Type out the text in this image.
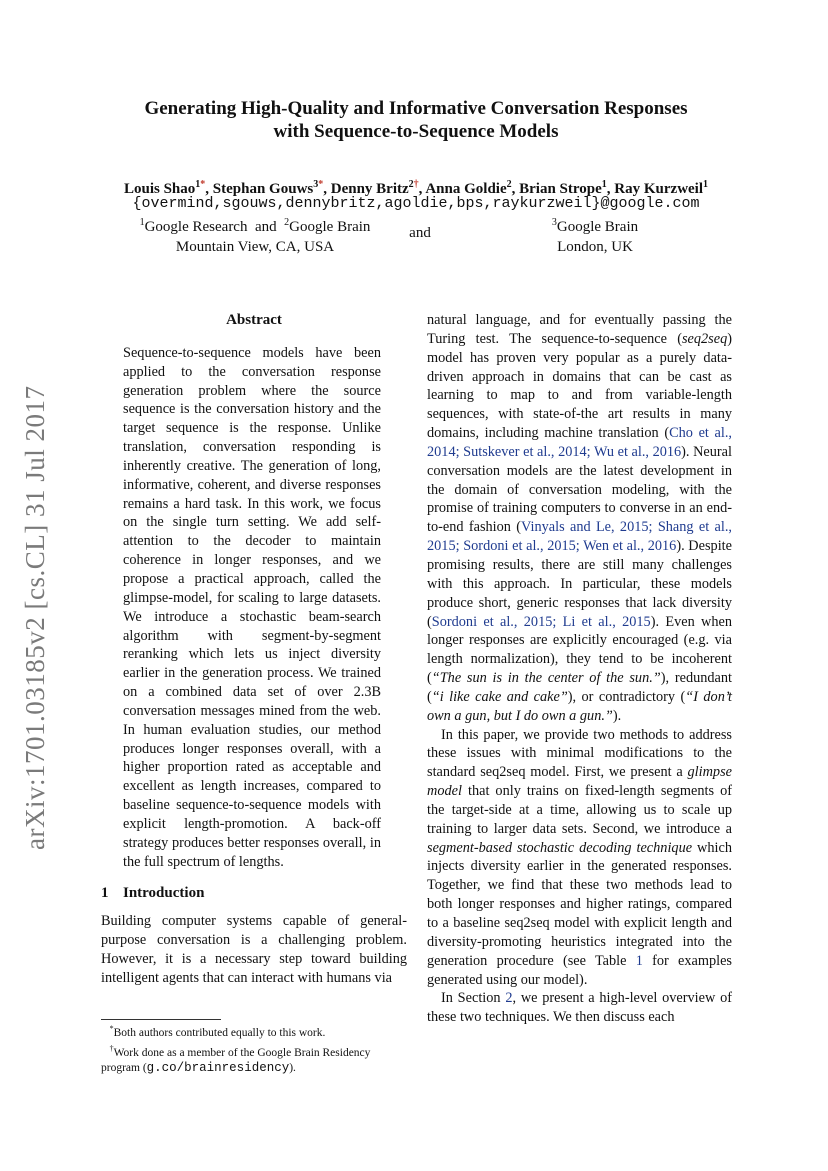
arXiv:1701.03185v2 [cs.CL] 31 Jul 2017
Generating High-Quality and Informative Conversation Responses
with Sequence-to-Sequence Models
Louis Shao$^{1*}$, Stephan Gouws$^{3*}$, Denny Britz$^{2\dagger}$, Anna Goldie$^2$, Brian Strope$^1$, Ray Kurzweil$^1$
{overmind,sgouws,dennybritz,agoldie,bps,raykurzweil}@google.com
$^1$Google Research and $^2$Google Brain
Mountain View, CA, USA
and
$^3$Google Brain
London, UK
Abstract

Sequence-to-sequence models have been applied to the conversation response generation problem where the source sequence is the conversation history and the target sequence is the response. Unlike translation, conversation responding is inherently creative. The generation of long, informative, coherent, and diverse responses remains a hard task. In this work, we focus on the single turn setting. We add self-attention to the decoder to maintain coherence in longer responses, and we propose a practical approach, called the glimpse-model, for scaling to large datasets. We introduce a stochastic beam-search algorithm with segment-by-segment reranking which lets us inject diversity earlier in the generation process. We trained on a combined data set of over 2.3B conversation messages mined from the web. In human evaluation studies, our method produces longer responses overall, with a higher proportion rated as acceptable and excellent as length increases, compared to baseline sequence-to-sequence models with explicit length-promotion. A back-off strategy produces better responses overall, in the full spectrum of lengths.

1 Introduction

Building computer systems capable of general-purpose conversation is a challenging problem. However, it is a necessary step toward building intelligent agents that can interact with humans via

natural language, and for eventually passing the Turing test. The sequence-to-sequence (seq2seq) model has proven very popular as a purely data-driven approach in domains that can be cast as learning to map to and from variable-length sequences, with state-of-the art results in many domains, including machine translation (Cho et al., 2014; Sutskever et al., 2014; Wu et al., 2016). Neural conversation models are the latest development in the domain of conversation modeling, with the promise of training computers to converse in an end-to-end fashion (Vinyals and Le, 2015; Shang et al., 2015; Sordoni et al., 2015; Wen et al., 2016). Despite promising results, there are still many challenges with this approach. In particular, these models produce short, generic responses that lack diversity (Sordoni et al., 2015; Li et al., 2015). Even when longer responses are explicitly encouraged (e.g. via length normalization), they tend to be incoherent (“The sun is in the center of the sun.”), redundant (“i like cake and cake”), or contradictory (“I don’t own a gun, but I do own a gun.”).

In this paper, we provide two methods to address these issues with minimal modifications to the standard seq2seq model. First, we present a glimpse model that only trains on fixed-length segments of the target-side at a time, allowing us to scale up training to larger data sets. Second, we introduce a segment-based stochastic decoding technique which injects diversity earlier in the generated responses. Together, we find that these two methods lead to both longer responses and higher ratings, compared to a baseline seq2seq model with explicit length and diversity-promoting heuristics integrated into the generation procedure (see Table 1 for examples generated using our model).

In Section 2, we present a high-level overview of these two techniques. We then discuss each

*Both authors contributed equally to this work.
†Work done as a member of the Google Brain Residency program (g.co/brainresidency).
